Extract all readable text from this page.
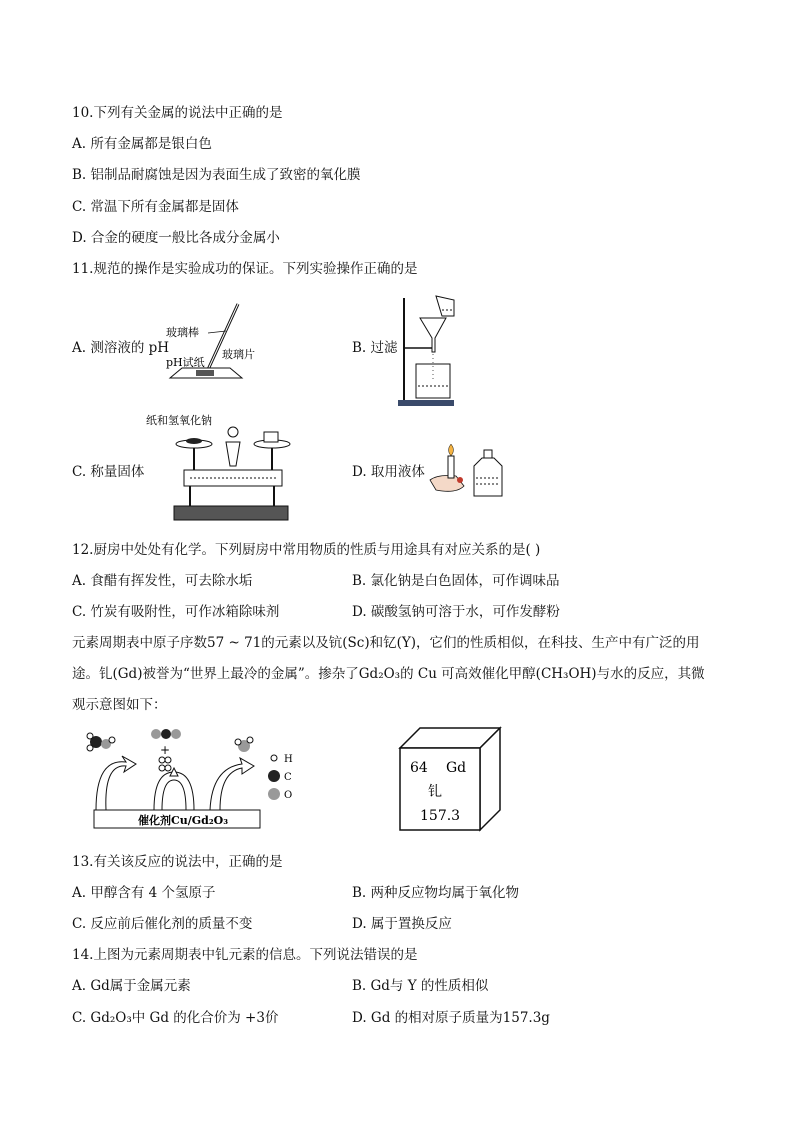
10.下列有关金属的说法中正确的是
A. 所有金属都是银白色
B. 铝制品耐腐蚀是因为表面生成了致密的氧化膜
C. 常温下所有金属都是固体
D. 合金的硬度一般比各成分金属小
11.规范的操作是实验成功的保证。下列实验操作正确的是
A. 测溶液的 pH
玻璃棒
pH试纸
玻璃片	B. 过滤
C. 称量固体
纸和氢氧化钠
D. 取用液体
12.厨房中处处有化学。下列厨房中常用物质的性质与用途具有对应关系的是( )
A. 食醋有挥发性，可去除水垢	B. 氯化钠是白色固体，可作调味品
C. 竹炭有吸附性，可作冰箱除味剂	D. 碳酸氢钠可溶于水，可作发酵粉
元素周期表中原子序数57 ~ 71的元素以及钪(Sc)和钇(Y)，它们的性质相似，在科技、生产中有广泛的用
途。钆(Gd)被誉为“世界上最冷的金属”。掺杂了Gd₂O₃的 Cu 可高效催化甲醇(CH₃OH)与水的反应，其微
观示意图如下：
+
催化剂Cu/Gd₂O₃
H
C
O
64 Gd
钆
157.3
13.有关该反应的说法中，正确的是
A. 甲醇含有 4 个氢原子	B. 两种反应物均属于氧化物
C. 反应前后催化剂的质量不变	D. 属于置换反应
14.上图为元素周期表中钆元素的信息。下列说法错误的是
A. Gd属于金属元素	B. Gd与 Y 的性质相似
C. Gd₂O₃中 Gd 的化合价为 +3价	D. Gd 的相对原子质量为157.3g
